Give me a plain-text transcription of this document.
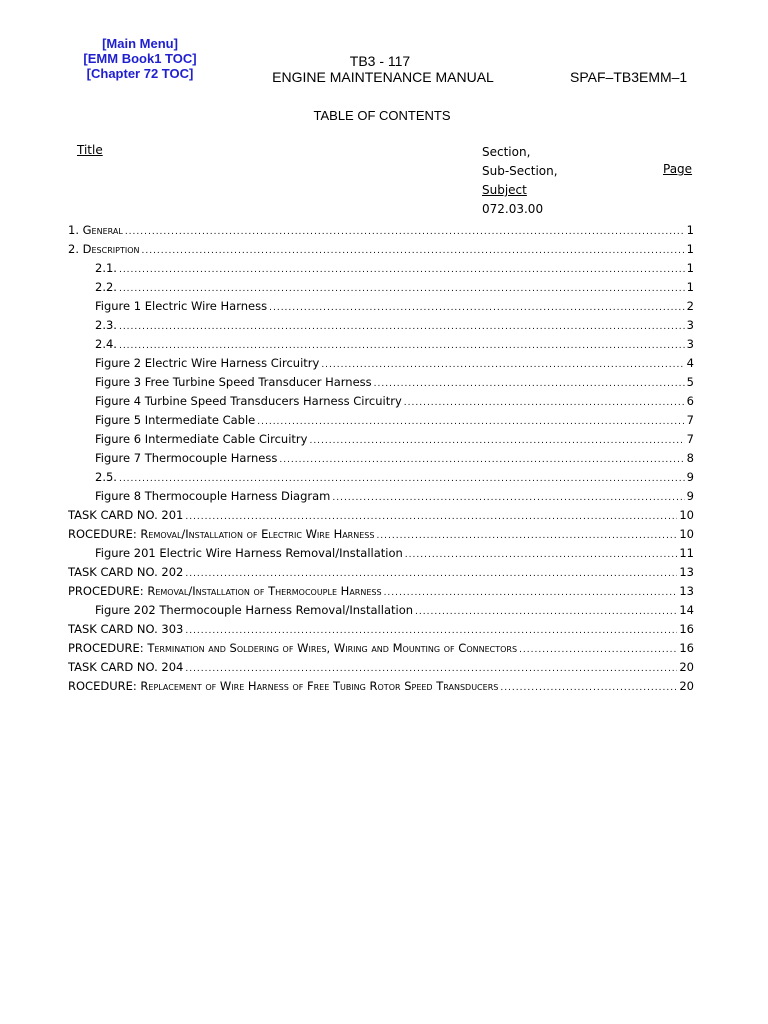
[Main Menu]
[EMM Book1 TOC]
[Chapter 72 TOC]
TB3 - 117
ENGINE MAINTENANCE MANUAL	SPAF–TB3EMM–1
TABLE OF CONTENTS
Title	Section,
Sub-Section,
Subject
072.03.00
Page
1. General .....	1
2. Description .....	1
2.1. .....	1
2.2. .....	1
Figure 1 Electric Wire Harness .....	2
2.3. .....	3
2.4. .....	3
Figure 2 Electric Wire Harness Circuitry .....	4
Figure 3 Free Turbine Speed Transducer Harness .....	5
Figure 4 Turbine Speed Transducers Harness Circuitry .....	6
Figure 5 Intermediate Cable .....	7
Figure 6 Intermediate Cable Circuitry .....	7
Figure 7 Thermocouple Harness .....	8
2.5. .....	9
Figure 8 Thermocouple Harness Diagram .....	9
TASK CARD NO. 201 .....	10
ROCEDURE: Removal/Installation of Electric Wire Harness .....	10
Figure 201 Electric Wire Harness Removal/Installation .....	11
TASK CARD NO. 202 .....	13
PROCEDURE: Removal/Installation of Thermocouple Harness .....	13
Figure 202 Thermocouple Harness Removal/Installation .....	14
TASK CARD NO. 303 .....	16
PROCEDURE: Termination and Soldering of Wires, Wiring and Mounting of Connectors .....	16
TASK CARD NO. 204 .....	20
ROCEDURE: Replacement of Wire Harness of Free Tubing Rotor Speed Transducers .....	20
